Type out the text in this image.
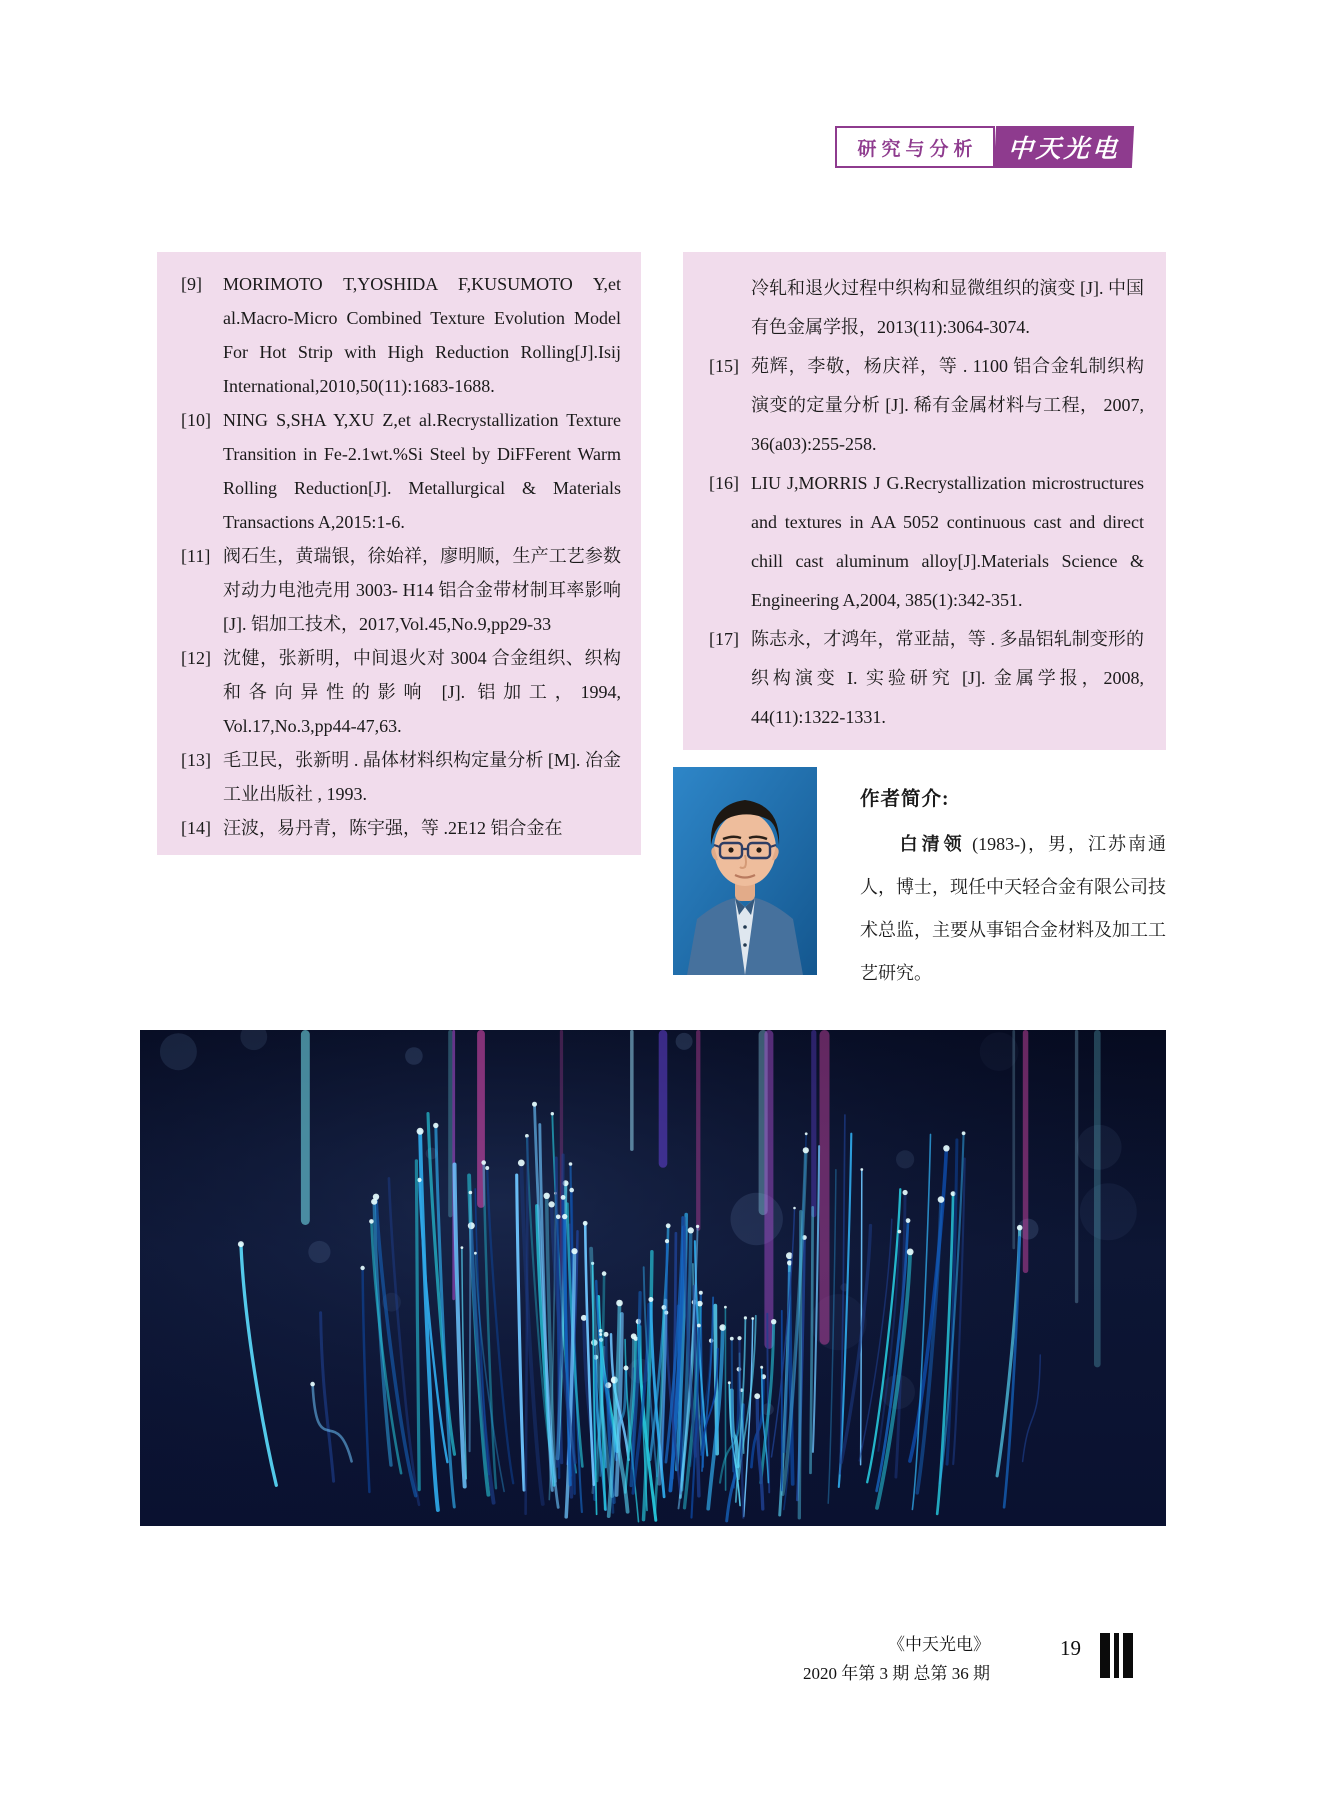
研究与分析	中天光电
[9] MORIMOTO T,YOSHIDA F,KUSUMOTO Y,et al.Macro-Micro Combined Texture Evolution Model For Hot Strip with High Reduction Rolling[J].Isij International,2010,50(11):1683-1688.
[10] NING S,SHA Y,XU Z,et al.Recrystallization Texture Transition in Fe-2.1wt.%Si Steel by DiFFerent Warm Rolling Reduction[J]. Metallurgical & Materials Transactions A,2015:1-6.
[11] 阀石生，黄瑞银，徐始祥，廖明顺，生产工艺参数对动力电池壳用 3003- H14 铝合金带材制耳率影响 [J]. 铝加工技术，2017,Vol.45,No.9,pp29-33
[12] 沈健，张新明，中间退火对 3004 合金组织、织构和各向异性的影响 [J]. 铝加工，1994, Vol.17,No.3,pp44-47,63.
[13] 毛卫民，张新明 . 晶体材料织构定量分析 [M]. 冶金工业出版社 , 1993.
[14] 汪波，易丹青，陈宇强，等 .2E12 铝合金在
冷轧和退火过程中织构和显微组织的演变 [J]. 中国有色金属学报，2013(11):3064-3074.
[15] 苑辉，李敬，杨庆祥，等 . 1100 铝合金轧制织构演变的定量分析 [J]. 稀有金属材料与工程， 2007, 36(a03):255-258.
[16] LIU J,MORRIS J G.Recrystallization microstructures and textures in AA 5052 continuous cast and direct chill cast aluminum alloy[J].Materials Science & Engineering A,2004, 385(1):342-351.
[17] 陈志永，才鸿年，常亚喆，等 . 多晶铝轧制变形的织构演变 I. 实验研究 [J]. 金属学报，2008, 44(11):1322-1331.
作者简介:
白清领 (1983-)，男，江苏南通人，博士，现任中天轻合金有限公司技术总监，主要从事铝合金材料及加工工艺研究。
《中天光电》
2020 年第 3 期 总第 36 期
19
